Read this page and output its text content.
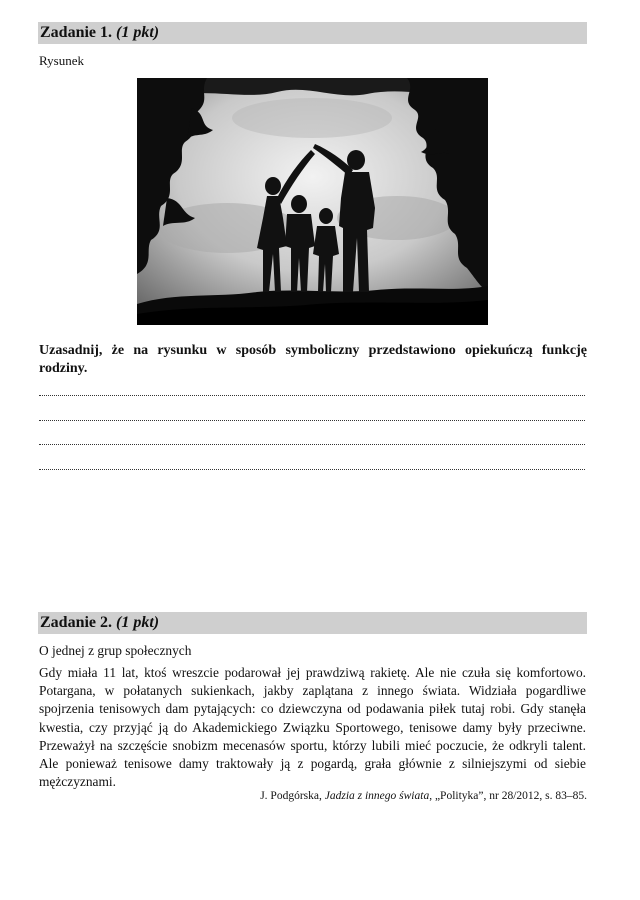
Zadanie 1. (1 pkt)
Rysunek
Uzasadnij, że na rysunku w sposób symboliczny przedstawiono opiekuńczą funkcję rodziny.
Zadanie 2. (1 pkt)
O jednej z grup społecznych
Gdy miała 11 lat, ktoś wreszcie podarował jej prawdziwą rakietę. Ale nie czuła się komfortowo. Potargana, w połatanych sukienkach, jakby zaplątana z innego świata. Widziała pogardliwe spojrzenia tenisowych dam pytających: co dziewczyna od podawania piłek tutaj robi. Gdy stanęła kwestia, czy przyjąć ją do Akademickiego Związku Sportowego, tenisowe damy były przeciwne. Przeważył na szczęście snobizm mecenasów sportu, którzy lubili mieć poczucie, że odkryli talent. Ale ponieważ tenisowe damy traktowały ją z pogardą, grała głównie z silniejszymi od siebie mężczyznami.
J. Podgórska, Jadzia z innego świata, „Polityka”, nr 28/2012, s. 83–85.
